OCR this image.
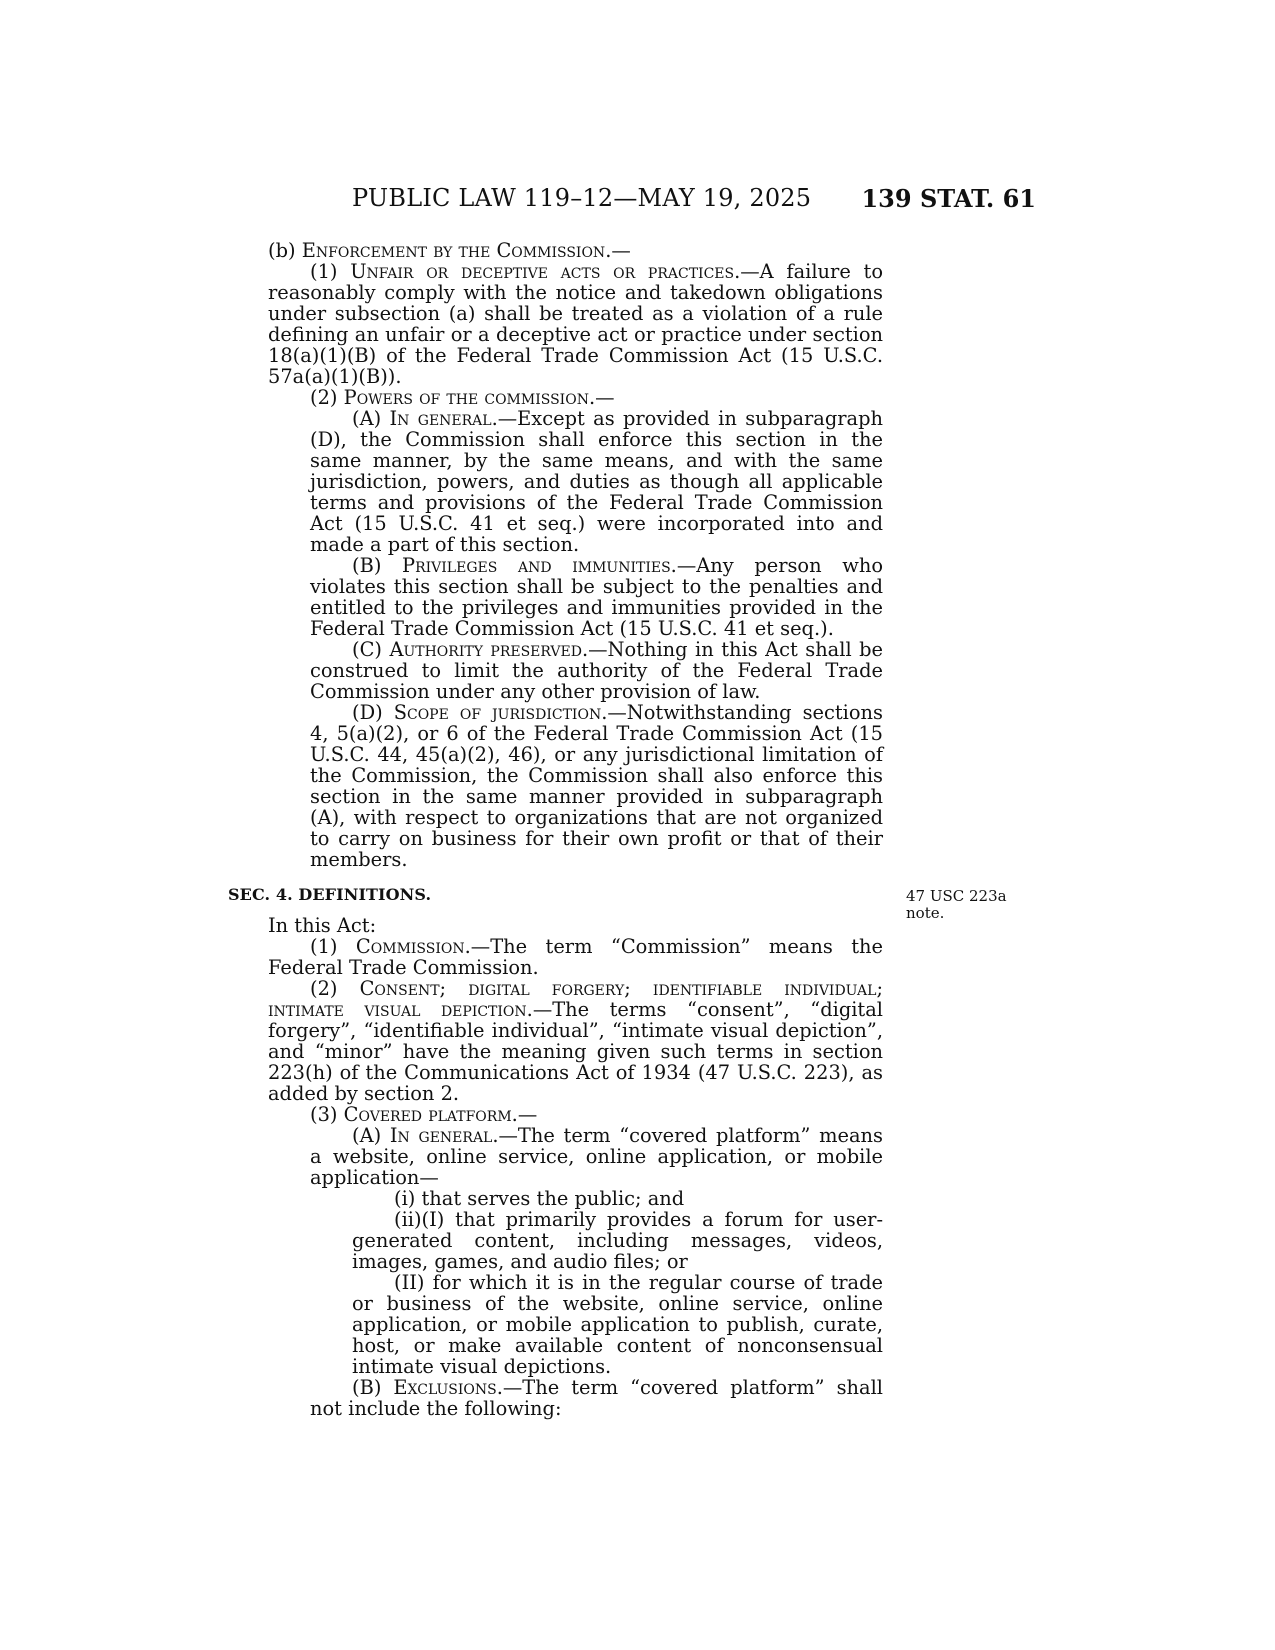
PUBLIC LAW 119–12—MAY 19, 2025 139 STAT. 61

(b) Enforcement by the Commission.—

(1) Unfair or deceptive acts or practices.—A failure to reasonably comply with the notice and takedown obligations under subsection (a) shall be treated as a violation of a rule defining an unfair or a deceptive act or practice under section 18(a)(1)(B) of the Federal Trade Commission Act (15 U.S.C. 57a(a)(1)(B)).

(2) Powers of the commission.—

(A) In general.—Except as provided in subparagraph (D), the Commission shall enforce this section in the same manner, by the same means, and with the same jurisdiction, powers, and duties as though all applicable terms and provisions of the Federal Trade Commission Act (15 U.S.C. 41 et seq.) were incorporated into and made a part of this section.

(B) Privileges and immunities.—Any person who violates this section shall be subject to the penalties and entitled to the privileges and immunities provided in the Federal Trade Commission Act (15 U.S.C. 41 et seq.).

(C) Authority preserved.—Nothing in this Act shall be construed to limit the authority of the Federal Trade Commission under any other provision of law.

(D) Scope of jurisdiction.—Notwithstanding sections 4, 5(a)(2), or 6 of the Federal Trade Commission Act (15 U.S.C. 44, 45(a)(2), 46), or any jurisdictional limitation of the Commission, the Commission shall also enforce this section in the same manner provided in subparagraph (A), with respect to organizations that are not organized to carry on business for their own profit or that of their members.

SEC. 4. DEFINITIONS.

In this Act:

(1) Commission.—The term “Commission” means the Federal Trade Commission.

(2) Consent; digital forgery; identifiable individual; intimate visual depiction.—The terms “consent”, “digital forgery”, “identifiable individual”, “intimate visual depiction”, and “minor” have the meaning given such terms in section 223(h) of the Communications Act of 1934 (47 U.S.C. 223), as added by section 2.

(3) Covered platform.—

(A) In general.—The term “covered platform” means a website, online service, online application, or mobile application—

(i) that serves the public; and

(ii)(I) that primarily provides a forum for user-generated content, including messages, videos, images, games, and audio files; or

(II) for which it is in the regular course of trade or business of the website, online service, online application, or mobile application to publish, curate, host, or make available content of nonconsensual intimate visual depictions.

(B) Exclusions.—The term “covered platform” shall not include the following:

47 USC 223a
note.
